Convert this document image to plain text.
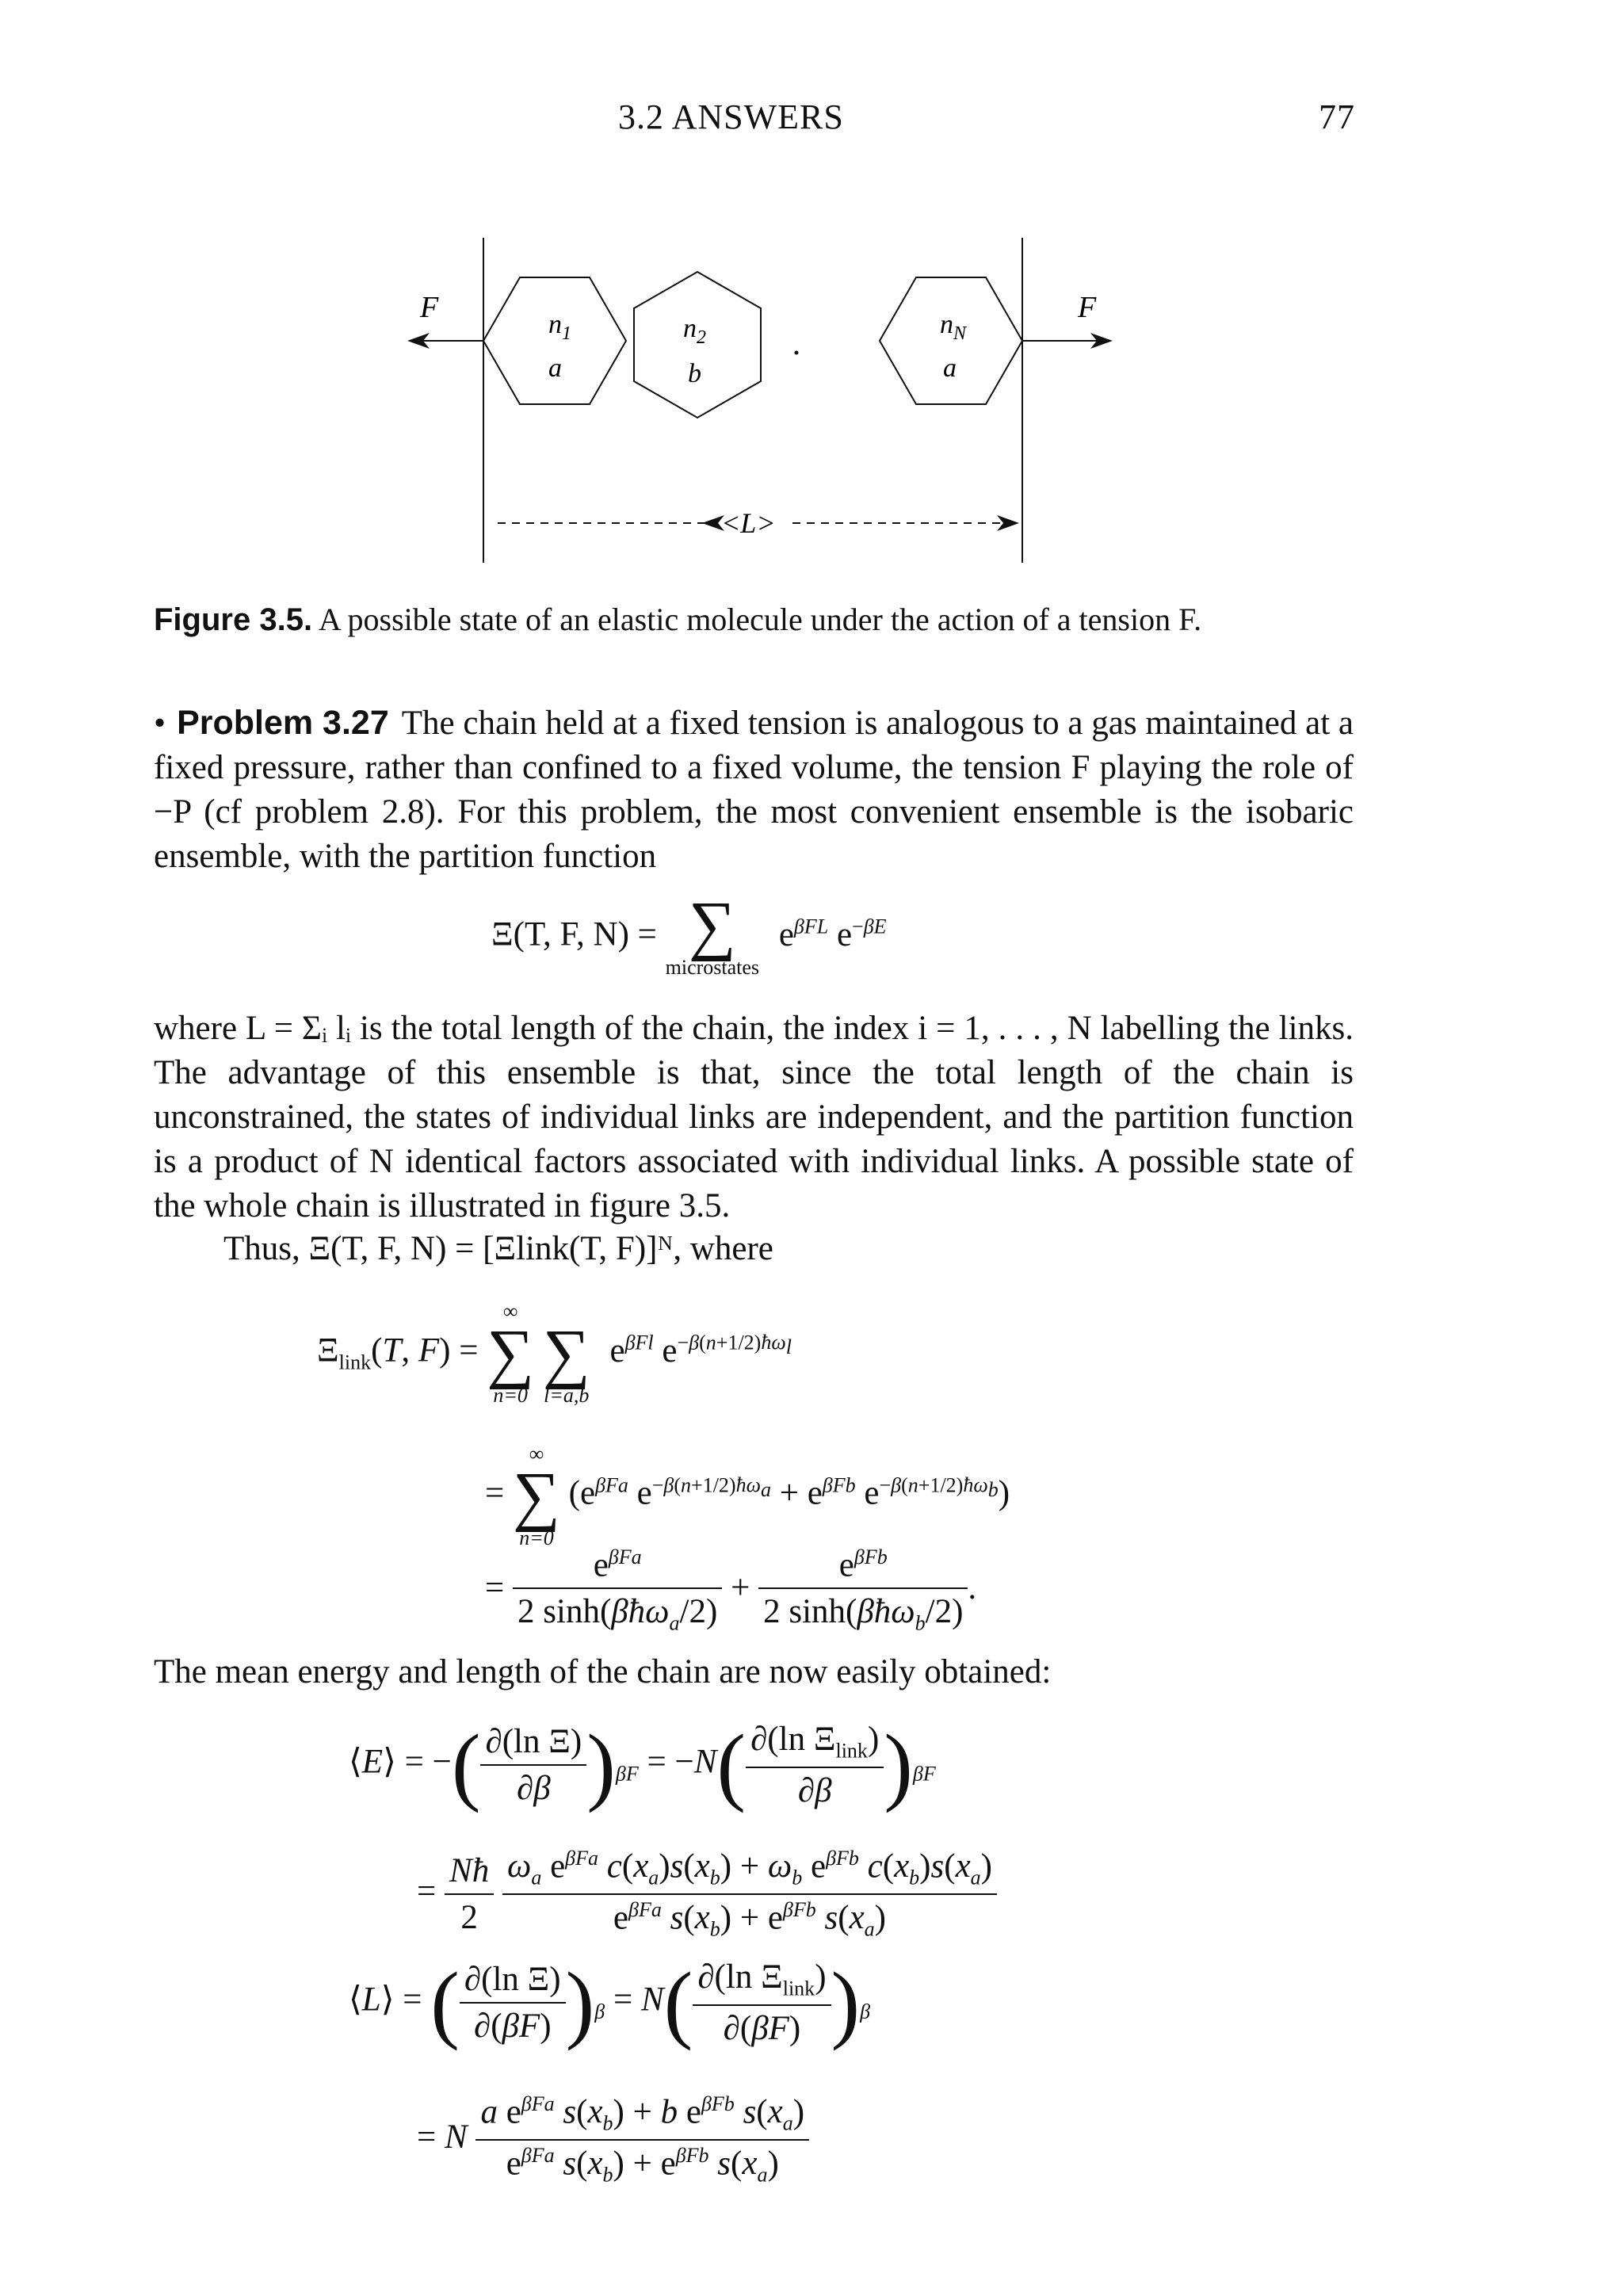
3.2 ANSWERS	77
F	F
$n_1$
a
$n_2$
b
$n_N$
a
<L>
Figure 3.5. A possible state of an elastic molecule under the action of a tension F.
• Problem 3.27 The chain held at a fixed tension is analogous to a gas maintained at a fixed pressure, rather than confined to a fixed volume, the tension F playing the role of −P (cf problem 2.8). For this problem, the most convenient ensemble is the isobaric ensemble, with the partition function
Ξ(T, F, N) = ∑
microstates
$e^{\beta FL}$ $e^{-\beta E}$
where L = Σᵢ lᵢ is the total length of the chain, the index i = 1, . . . , N labelling the links. The advantage of this ensemble is that, since the total length of the chain is unconstrained, the states of individual links are independent, and the partition function is a product of N identical factors associated with individual links. A possible state of the whole chain is illustrated in figure 3.5.
Thus, Ξ(T, F, N) = [Ξlink(T, F)]ᴺ, where
$\Xi_{link}(T$, F) =
∞
∑
n=0

∑
l=a,b
$e^{\beta Fl}$ $e^{-\beta(n+1/2)ħ\omega_l}$
=
∞
∑
n=0
($e^{\beta Fa}$ $e^{-\beta(n+1/2)ħ\omega_a} + e^{\beta Fb}$ $e^{-\beta(n+1/2)ħ\omega_b}$)
= $\frac{e^{\beta Fa}}{2 \sinh(\beta ħ\omega_a/2)} + \frac{e^{\beta Fb}}{2 \sinh(\beta ħ\omega_b/2)}$ .
The mean energy and length of the chain are now easily obtained:
⟨E⟩ = −( $\frac{\text{∂(ln Ξ)}}{\partial\beta} )_{\beta F} = -N( \frac{\partial(\ln \Xi_{link})}{\partial\beta} )_{\beta F}$
= $\frac{Nħ}{2}$
$\frac{\omega_a e^{\beta Fa} c(x_a)s(x_b) + \omega_b e^{\beta Fb} c(x_b)s(x_a)}{e^{\beta Fa} s(x_b) + e^{\beta Fb} s(x_a)}$
⟨L⟩ = ( $\frac{\text{∂(ln Ξ)}}{\partial(\beta F)} )_\beta = N( \frac{\partial(\ln \Xi_{link})}{\partial(\beta F)} )_\beta$
= N $\frac{a e^{\beta Fa} s(x_b) + b e^{\beta Fb} s(x_a)}{e^{\beta Fa} s(x_b) + e^{\beta Fb} s(x_a)}$
